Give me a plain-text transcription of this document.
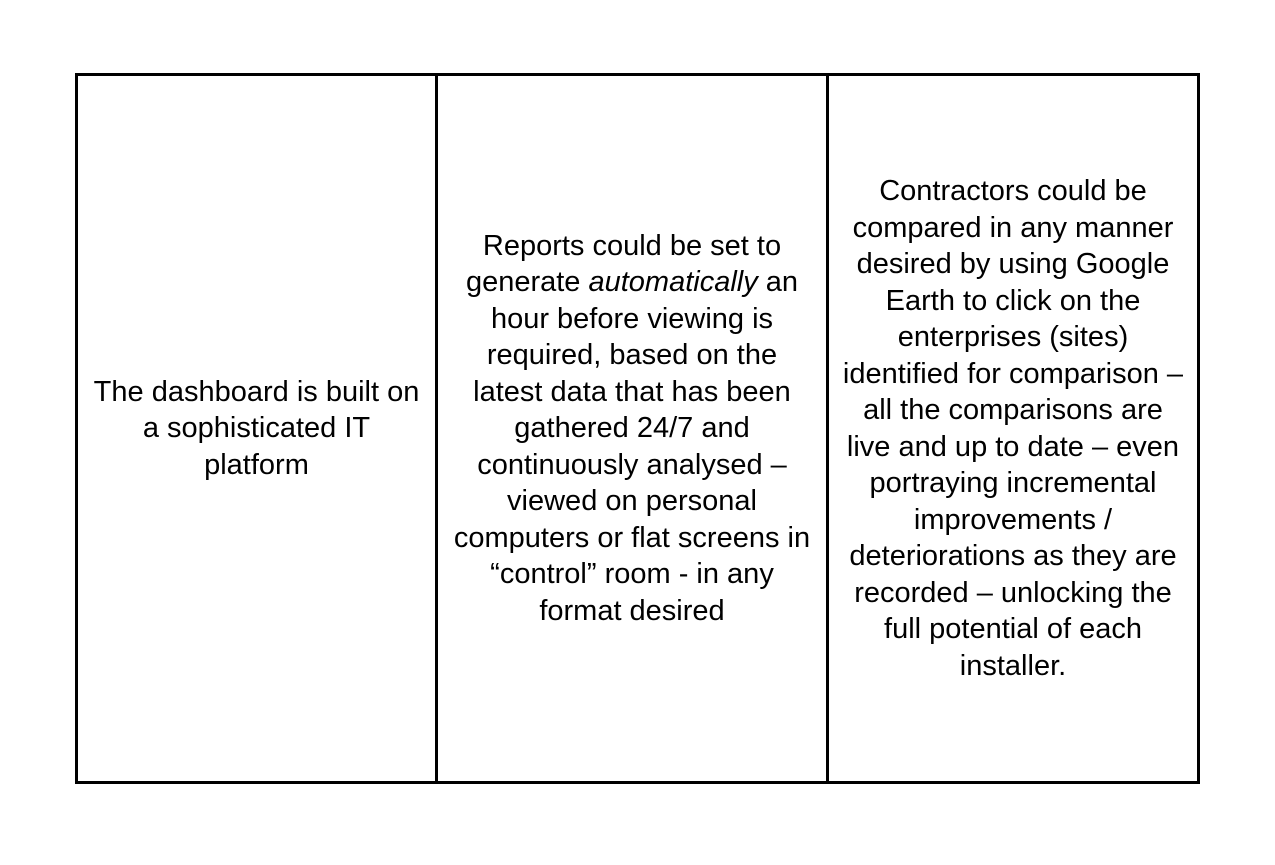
The dashboard is built on a sophisticated IT platform

Reports could be set to generate automatically an hour before viewing is required, based on the latest data that has been gathered 24/7 and continuously analysed – viewed on personal computers or flat screens in “control” room - in any format desired

Contractors could be compared in any manner desired by using Google Earth to click on the enterprises (sites) identified for comparison – all the comparisons are live and up to date – even portraying incremental improvements / deteriorations as they are recorded – unlocking the full potential of each installer.
